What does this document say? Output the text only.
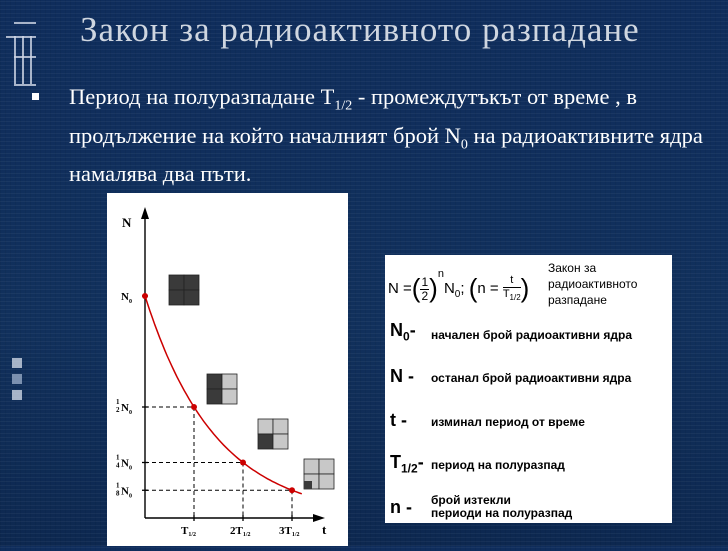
Закон за радиоактивното разпадане
Период на полуразпадане $T_{1/2}$ - промеждутъкът от време , в продължение на който началният брой $N_0$ на радиоактивните ядра намалява два пъти.
N
t
N 0
1
2 N 0
1
4 N 0
1
8 N 0
T1/2	2T1/2	3T1/2
N =( $\frac{1}{2} )^nN_0$; ($n = \frac{t}{T_{1/2}}$ )
Закон за радиоактивното разпадане
$N_0-$ начален брой радиоактивни ядра
N - останал брой радиоактивни ядра
t - изминал период от време
$T_{1/2}-$ период на полуразпад
n - брой изтекли
периоди на полуразпад
